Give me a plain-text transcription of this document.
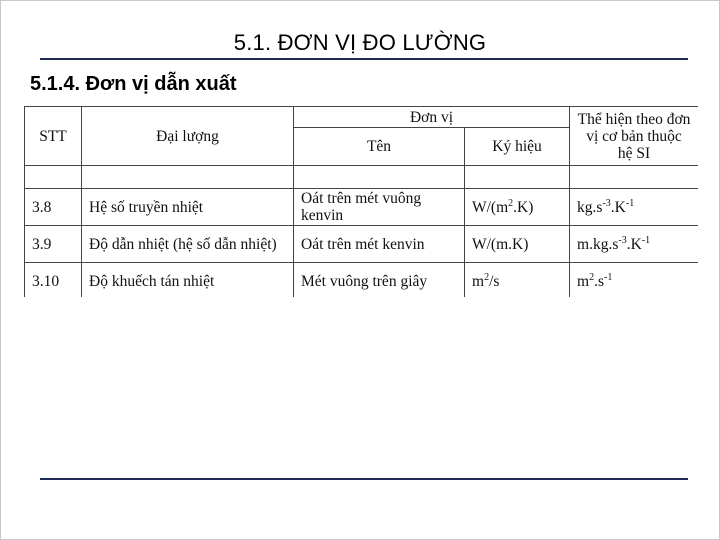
5.1. ĐƠN VỊ ĐO LƯỜNG
5.1.4. Đơn vị dẫn xuất
STT	Đại lượng	Đơn vị		Thể hiện theo đơn vị cơ bản thuộc hệ SI
		Tên	Ký hiệu	

3.8	Hệ số truyền nhiệt	Oát trên mét vuông kenvin	$W/(m^2.K)$	$kg.s^{-3}.K^{-1}$
3.9	Độ dẫn nhiệt (hệ số dẫn nhiệt)	Oát trên mét kenvin	W/(m.K)	$m.kg.s^{-3}.K^{-1}$
3.10	Độ khuếch tán nhiệt	Mét vuông trên giây	$m^2/s$	$m^2.s^{-1}$
